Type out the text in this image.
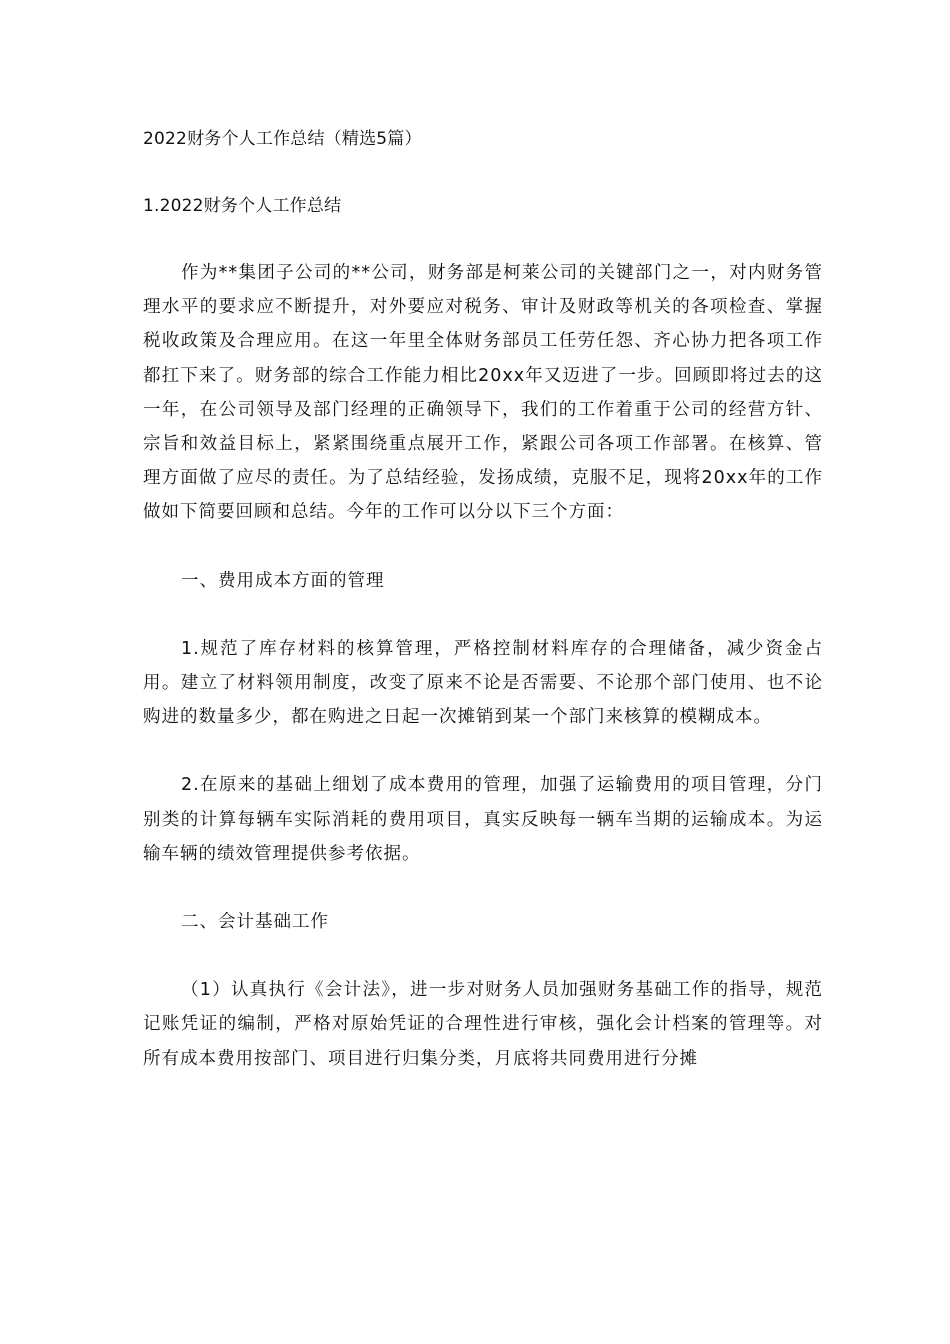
2022财务个人工作总结（精选5篇）

1.2022财务个人工作总结

作为**集团子公司的**公司，财务部是柯莱公司的关键部门之一，对内财务管理水平的要求应不断提升，对外要应对税务、审计及财政等机关的各项检查、掌握税收政策及合理应用。在这一年里全体财务部员工任劳任怨、齐心协力把各项工作都扛下来了。财务部的综合工作能力相比20xx年又迈进了一步。回顾即将过去的这一年，在公司领导及部门经理的正确领导下，我们的工作着重于公司的经营方针、宗旨和效益目标上，紧紧围绕重点展开工作，紧跟公司各项工作部署。在核算、管理方面做了应尽的责任。为了总结经验，发扬成绩，克服不足，现将20xx年的工作做如下简要回顾和总结。今年的工作可以分以下三个方面：

一、费用成本方面的管理

1.规范了库存材料的核算管理，严格控制材料库存的合理储备，减少资金占用。建立了材料领用制度，改变了原来不论是否需要、不论那个部门使用、也不论购进的数量多少，都在购进之日起一次摊销到某一个部门来核算的模糊成本。

2.在原来的基础上细划了成本费用的管理，加强了运输费用的项目管理，分门别类的计算每辆车实际消耗的费用项目，真实反映每一辆车当期的运输成本。为运输车辆的绩效管理提供参考依据。

二、会计基础工作

（1）认真执行《会计法》，进一步对财务人员加强财务基础工作的指导，规范记账凭证的编制，严格对原始凭证的合理性进行审核，强化会计档案的管理等。对所有成本费用按部门、项目进行归集分类，月底将共同费用进行分摊
